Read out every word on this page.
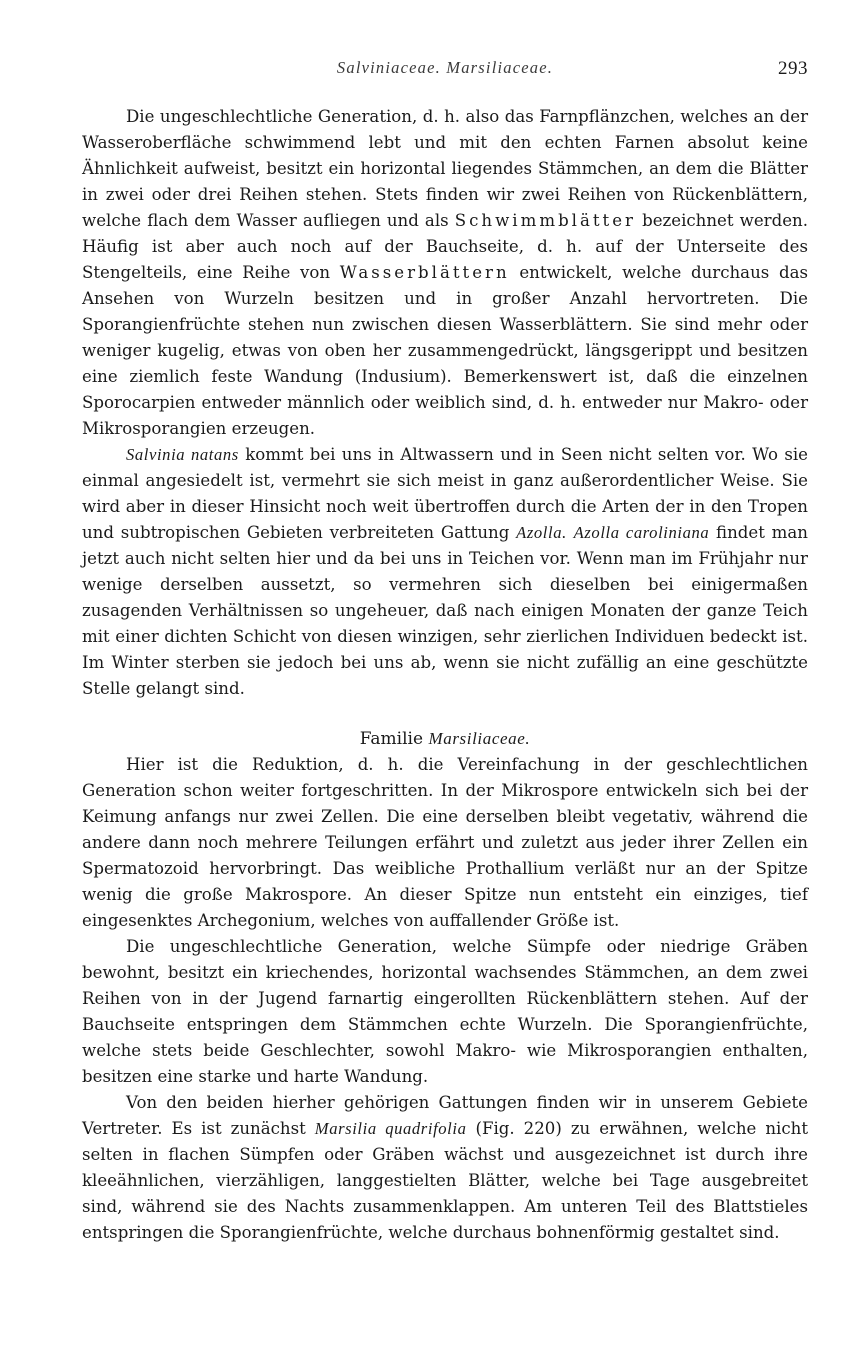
Salviniaceae. Marsiliaceae.	293

Die ungeschlechtliche Generation, d. h. also das Farnpflänzchen, welches an der Wasseroberfläche schwimmend lebt und mit den echten Farnen absolut keine Ähnlichkeit aufweist, besitzt ein horizontal liegendes Stämmchen, an dem die Blätter in zwei oder drei Reihen stehen. Stets finden wir zwei Reihen von Rückenblättern, welche flach dem Wasser aufliegen und als Schwimmblätter bezeichnet werden. Häufig ist aber auch noch auf der Bauchseite, d. h. auf der Unterseite des Stengelteils, eine Reihe von Wasserblättern entwickelt, welche durchaus das Ansehen von Wurzeln besitzen und in großer Anzahl hervortreten. Die Sporangienfrüchte stehen nun zwischen diesen Wasserblättern. Sie sind mehr oder weniger kugelig, etwas von oben her zusammengedrückt, längsgerippt und besitzen eine ziemlich feste Wandung (Indusium). Bemerkenswert ist, daß die einzelnen Sporocarpien entweder männlich oder weiblich sind, d. h. entweder nur Makro- oder Mikrosporangien erzeugen.

Salvinia natans kommt bei uns in Altwassern und in Seen nicht selten vor. Wo sie einmal angesiedelt ist, vermehrt sie sich meist in ganz außerordentlicher Weise. Sie wird aber in dieser Hinsicht noch weit übertroffen durch die Arten der in den Tropen und subtropischen Gebieten verbreiteten Gattung Azolla. Azolla caroliniana findet man jetzt auch nicht selten hier und da bei uns in Teichen vor. Wenn man im Frühjahr nur wenige derselben aussetzt, so vermehren sich dieselben bei einigermaßen zusagenden Verhältnissen so ungeheuer, daß nach einigen Monaten der ganze Teich mit einer dichten Schicht von diesen winzigen, sehr zierlichen Individuen bedeckt ist. Im Winter sterben sie jedoch bei uns ab, wenn sie nicht zufällig an eine geschützte Stelle gelangt sind.

Familie Marsiliaceae.

Hier ist die Reduktion, d. h. die Vereinfachung in der geschlechtlichen Generation schon weiter fortgeschritten. In der Mikrospore entwickeln sich bei der Keimung anfangs nur zwei Zellen. Die eine derselben bleibt vegetativ, während die andere dann noch mehrere Teilungen erfährt und zuletzt aus jeder ihrer Zellen ein Spermatozoid hervorbringt. Das weibliche Prothallium verläßt nur an der Spitze wenig die große Makrospore. An dieser Spitze nun entsteht ein einziges, tief eingesenktes Archegonium, welches von auffallender Größe ist.

Die ungeschlechtliche Generation, welche Sümpfe oder niedrige Gräben bewohnt, besitzt ein kriechendes, horizontal wachsendes Stämmchen, an dem zwei Reihen von in der Jugend farnartig eingerollten Rückenblättern stehen. Auf der Bauchseite entspringen dem Stämmchen echte Wurzeln. Die Sporangienfrüchte, welche stets beide Geschlechter, sowohl Makro- wie Mikrosporangien enthalten, besitzen eine starke und harte Wandung.

Von den beiden hierher gehörigen Gattungen finden wir in unserem Gebiete Vertreter. Es ist zunächst Marsilia quadrifolia (Fig. 220) zu erwähnen, welche nicht selten in flachen Sümpfen oder Gräben wächst und ausgezeichnet ist durch ihre kleeähnlichen, vierzähligen, langgestielten Blätter, welche bei Tage ausgebreitet sind, während sie des Nachts zusammenklappen. Am unteren Teil des Blattstieles entspringen die Sporangienfrüchte, welche durchaus bohnenförmig gestaltet sind.
